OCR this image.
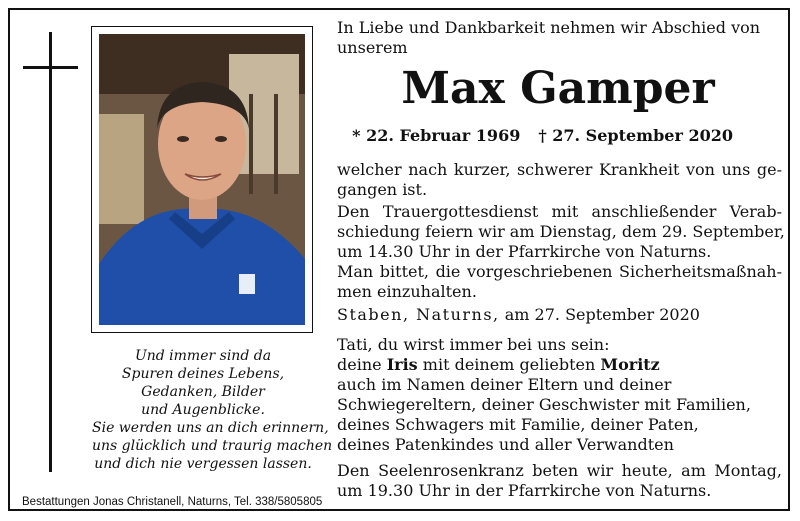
In Liebe und Dankbarkeit nehmen wir Abschied von
unserem
Max Gamper
* 22. Februar 1969 † 27. September 2020
welcher nach kurzer, schwerer Krankheit von uns ge-
gangen ist.
Den Trauergottesdienst mit anschließender Verab-
schiedung feiern wir am Dienstag, dem 29. September,
um 14.30 Uhr in der Pfarrkirche von Naturns.
Man bittet, die vorgeschriebenen Sicherheitsmaßnah-
men einzuhalten.
Staben, Naturns, am 27. September 2020
Tati, du wirst immer bei uns sein:
deine Iris mit deinem geliebten Moritz
auch im Namen deiner Eltern und deiner
Schwiegereltern, deiner Geschwister mit Familien,
deines Schwagers mit Familie, deiner Paten,
deines Patenkindes und aller Verwandten
Den Seelenrosenkranz beten wir heute, am Montag,
um 19.30 Uhr in der Pfarrkirche von Naturns.
Und immer sind da
Spuren deines Lebens,
Gedanken, Bilder
und Augenblicke.
Sie werden uns an dich erinnern,
uns glücklich und traurig machen
und dich nie vergessen lassen.
Bestattungen Jonas Christanell, Naturns, Tel. 338/5805805
